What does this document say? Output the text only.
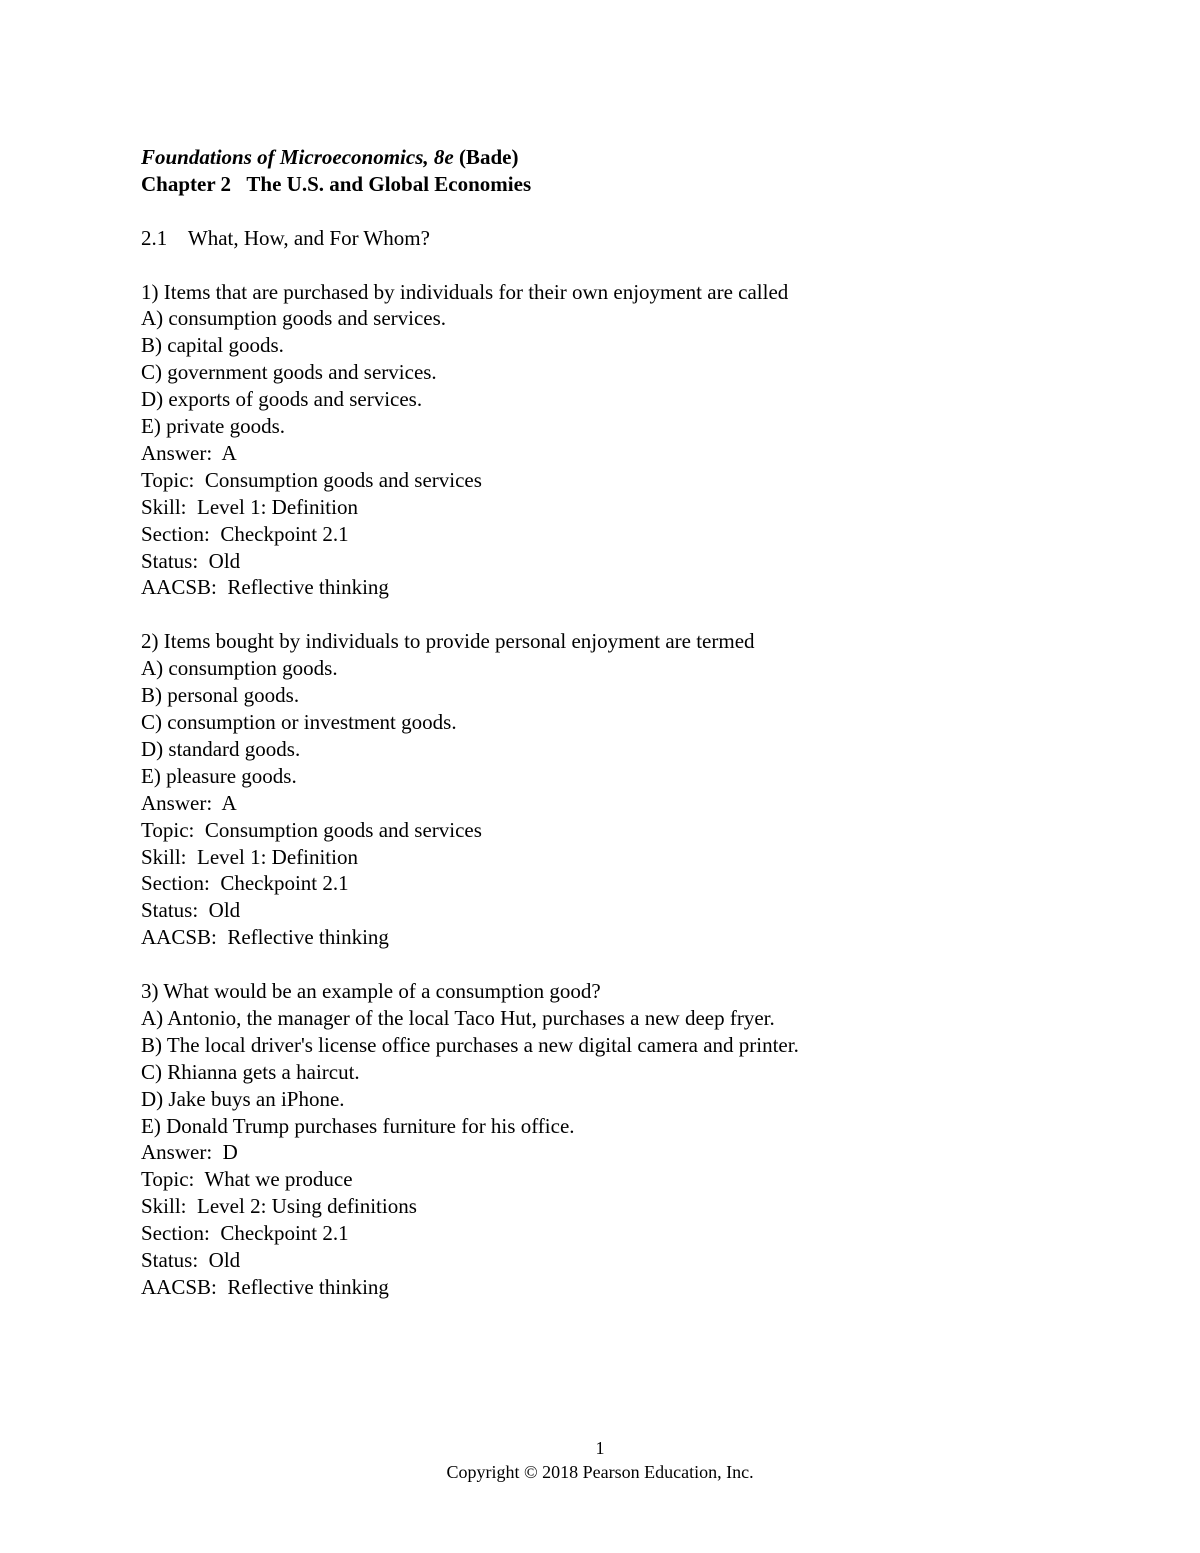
Foundations of Microeconomics, 8e (Bade)
Chapter 2   The U.S. and Global Economies
2.1 What, How, and For Whom?
1) Items that are purchased by individuals for their own enjoyment are called
A) consumption goods and services.
B) capital goods.
C) government goods and services.
D) exports of goods and services.
E) private goods.
Answer:  A
Topic:  Consumption goods and services
Skill:  Level 1: Definition
Section:  Checkpoint 2.1
Status:  Old
AACSB:  Reflective thinking
2) Items bought by individuals to provide personal enjoyment are termed
A) consumption goods.
B) personal goods.
C) consumption or investment goods.
D) standard goods.
E) pleasure goods.
Answer:  A
Topic:  Consumption goods and services
Skill:  Level 1: Definition
Section:  Checkpoint 2.1
Status:  Old
AACSB:  Reflective thinking
3) What would be an example of a consumption good?
A) Antonio, the manager of the local Taco Hut, purchases a new deep fryer.
B) The local driver's license office purchases a new digital camera and printer.
C) Rhianna gets a haircut.
D) Jake buys an iPhone.
E) Donald Trump purchases furniture for his office.
Answer:  D
Topic:  What we produce
Skill:  Level 2: Using definitions
Section:  Checkpoint 2.1
Status:  Old
AACSB:  Reflective thinking
1
Copyright © 2018 Pearson Education, Inc.
